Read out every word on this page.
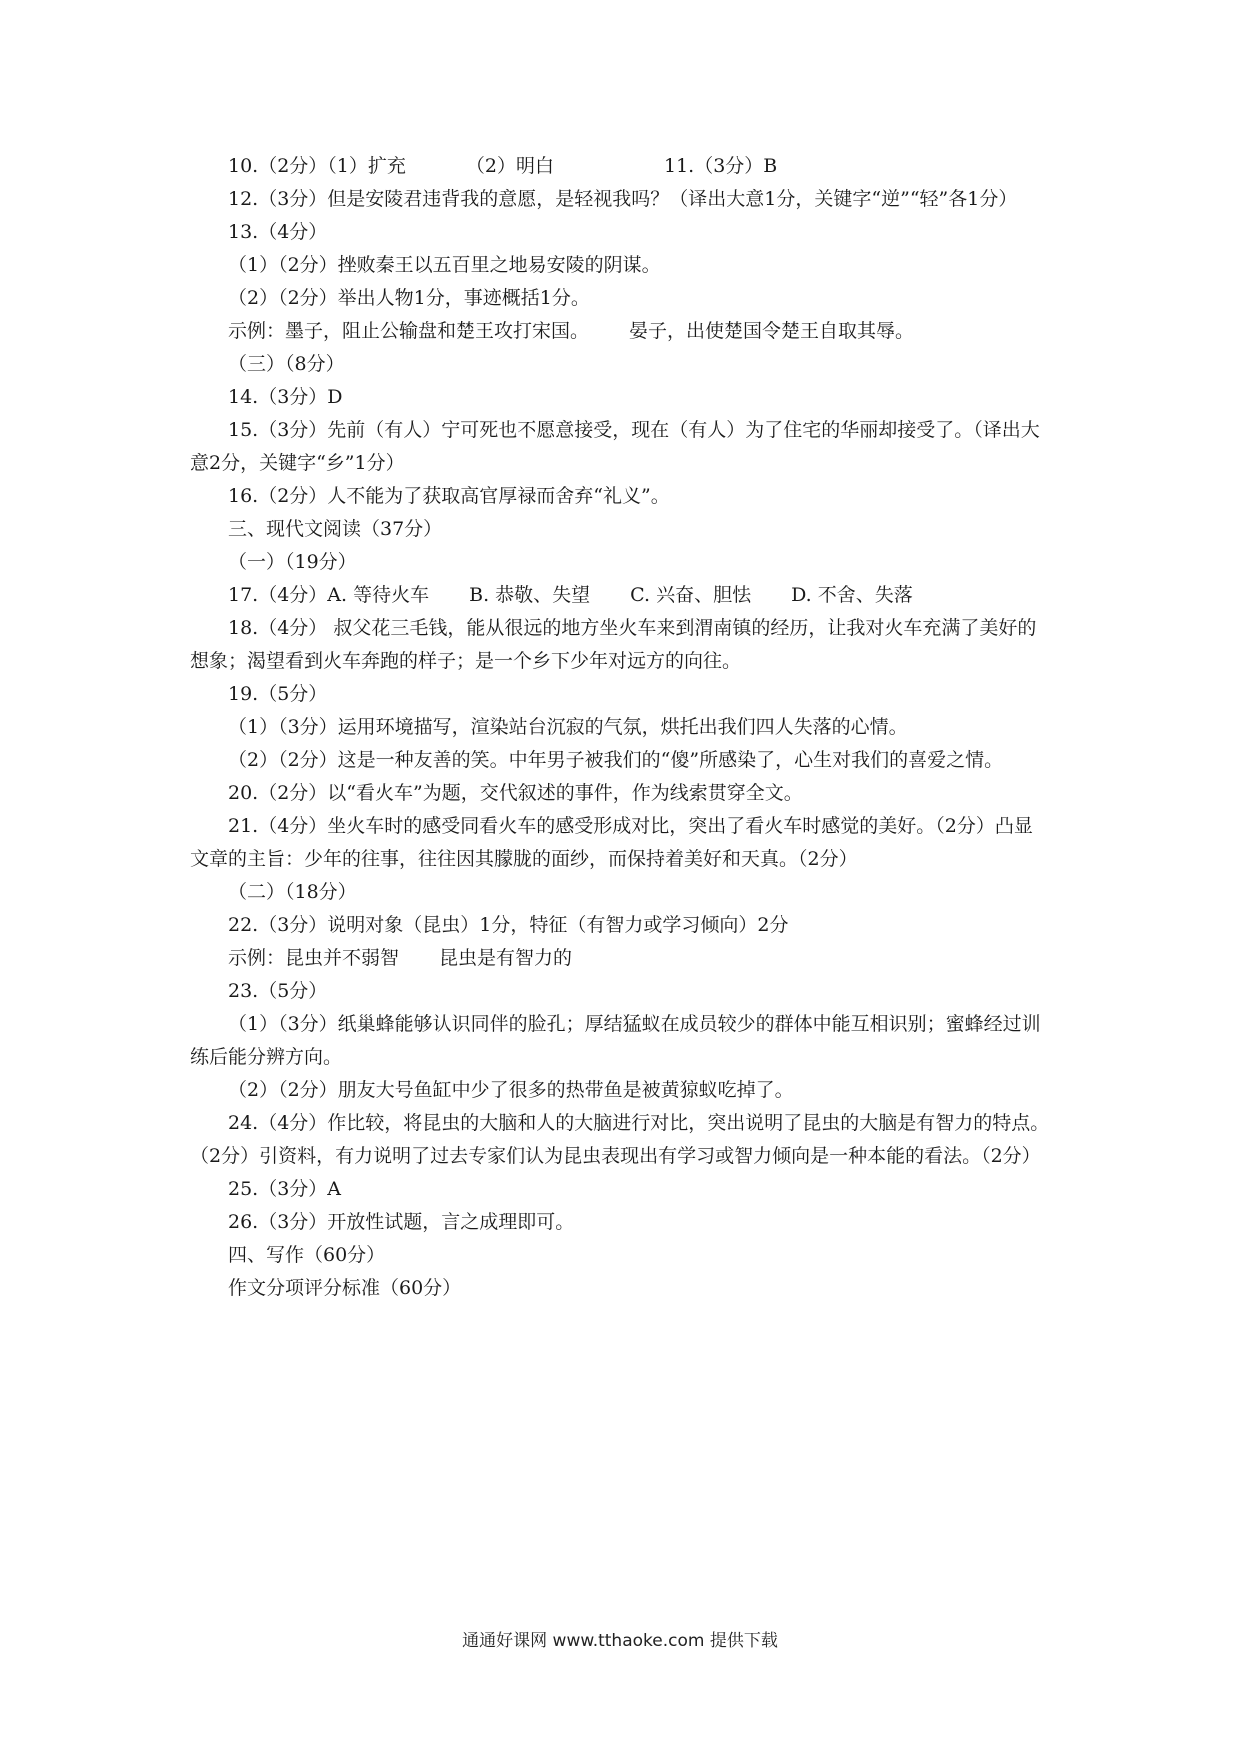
10.（2分）（1）扩充	（2）明白	11.（3分）B

12.（3分）但是安陵君违背我的意愿，是轻视我吗？（译出大意1分，关键字“逆”“轻”各1分）

13.（4分）

（1）（2分）挫败秦王以五百里之地易安陵的阴谋。

（2）（2分）举出人物1分，事迹概括1分。

示例：墨子，阻止公输盘和楚王攻打宋国。 晏子，出使楚国令楚王自取其辱。

（三）（8分）

14.（3分）D

15.（3分）先前（有人）宁可死也不愿意接受，现在（有人）为了住宅的华丽却接受了。（译出大意2分，关键字“乡”1分）

16.（2分）人不能为了获取高官厚禄而舍弃“礼义”。

三、现代文阅读（37分）

（一）（19分）

17.（4分）A. 等待火车 B. 恭敬、失望 C. 兴奋、胆怯 D. 不舍、失落

18.（4分） 叔父花三毛钱，能从很远的地方坐火车来到渭南镇的经历，让我对火车充满了美好的想象；渴望看到火车奔跑的样子；是一个乡下少年对远方的向往。

19.（5分）

（1）（3分）运用环境描写，渲染站台沉寂的气氛，烘托出我们四人失落的心情。

（2）（2分）这是一种友善的笑。中年男子被我们的“傻”所感染了，心生对我们的喜爱之情。

20.（2分）以“看火车”为题，交代叙述的事件，作为线索贯穿全文。

21.（4分）坐火车时的感受同看火车的感受形成对比，突出了看火车时感觉的美好。（2分）凸显文章的主旨：少年的往事，往往因其朦胧的面纱，而保持着美好和天真。（2分）

（二）（18分）

22.（3分）说明对象（昆虫）1分，特征（有智力或学习倾向）2分

示例：昆虫并不弱智 昆虫是有智力的

23.（5分）

（1）（3分）纸巢蜂能够认识同伴的脸孔；厚结猛蚁在成员较少的群体中能互相识别；蜜蜂经过训练后能分辨方向。

（2）（2分）朋友大号鱼缸中少了很多的热带鱼是被黄猄蚁吃掉了。

24.（4分）作比较，将昆虫的大脑和人的大脑进行对比，突出说明了昆虫的大脑是有智力的特点。（2分）引资料，有力说明了过去专家们认为昆虫表现出有学习或智力倾向是一种本能的看法。（2分）

25.（3分）A

26.（3分）开放性试题，言之成理即可。

四、写作（60分）

作文分项评分标准（60分）

通通好课网 www.tthaoke.com 提供下载
